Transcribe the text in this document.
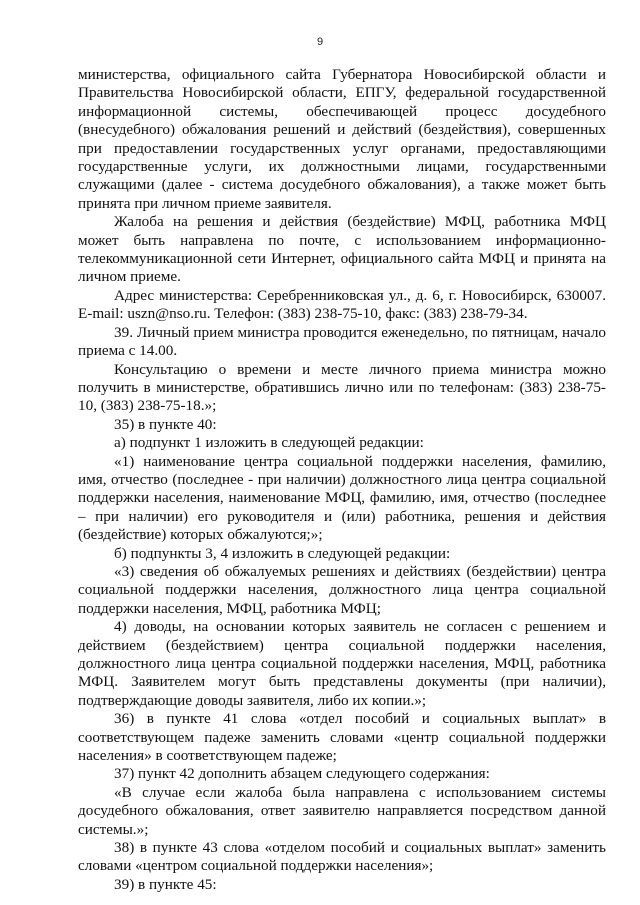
9

министерства, официального сайта Губернатора Новосибирской области и Правительства Новосибирской области, ЕПГУ, федеральной государственной информационной системы, обеспечивающей процесс досудебного (внесудебного) обжалования решений и действий (бездействия), совершенных при предоставлении государственных услуг органами, предоставляющими государственные услуги, их должностными лицами, государственными служащими (далее - система досудебного обжалования), а также может быть принята при личном приеме заявителя.

Жалоба на решения и действия (бездействие) МФЦ, работника МФЦ может быть направлена по почте, с использованием информационно-телекоммуникационной сети Интернет, официального сайта МФЦ и принята на личном приеме.

Адрес министерства: Серебренниковская ул., д. 6, г. Новосибирск, 630007. E-mail: uszn@nso.ru. Телефон: (383) 238-75-10, факс: (383) 238-79-34.

39. Личный прием министра проводится еженедельно, по пятницам, начало приема с 14.00.

Консультацию о времени и месте личного приема министра можно получить в министерстве, обратившись лично или по телефонам: (383) 238-75-10, (383) 238-75-18.»;

35) в пункте 40:

а) подпункт 1 изложить в следующей редакции:

«1) наименование центра социальной поддержки населения, фамилию, имя, отчество (последнее - при наличии) должностного лица центра социальной поддержки населения, наименование МФЦ, фамилию, имя, отчество (последнее – при наличии) его руководителя и (или) работника, решения и действия (бездействие) которых обжалуются;»;

б) подпункты 3, 4 изложить в следующей редакции:

«3) сведения об обжалуемых решениях и действиях (бездействии) центра социальной поддержки населения, должностного лица центра социальной поддержки населения, МФЦ, работника МФЦ;

4) доводы, на основании которых заявитель не согласен с решением и действием (бездействием) центра социальной поддержки населения, должностного лица центра социальной поддержки населения, МФЦ, работника МФЦ. Заявителем могут быть представлены документы (при наличии), подтверждающие доводы заявителя, либо их копии.»;

36) в пункте 41 слова «отдел пособий и социальных выплат» в соответствующем падеже заменить словами «центр социальной поддержки населения» в соответствующем падеже;

37) пункт 42 дополнить абзацем следующего содержания:

«В случае если жалоба была направлена с использованием системы досудебного обжалования, ответ заявителю направляется посредством данной системы.»;

38) в пункте 43 слова «отделом пособий и социальных выплат» заменить словами «центром социальной поддержки населения»;

39) в пункте 45:
